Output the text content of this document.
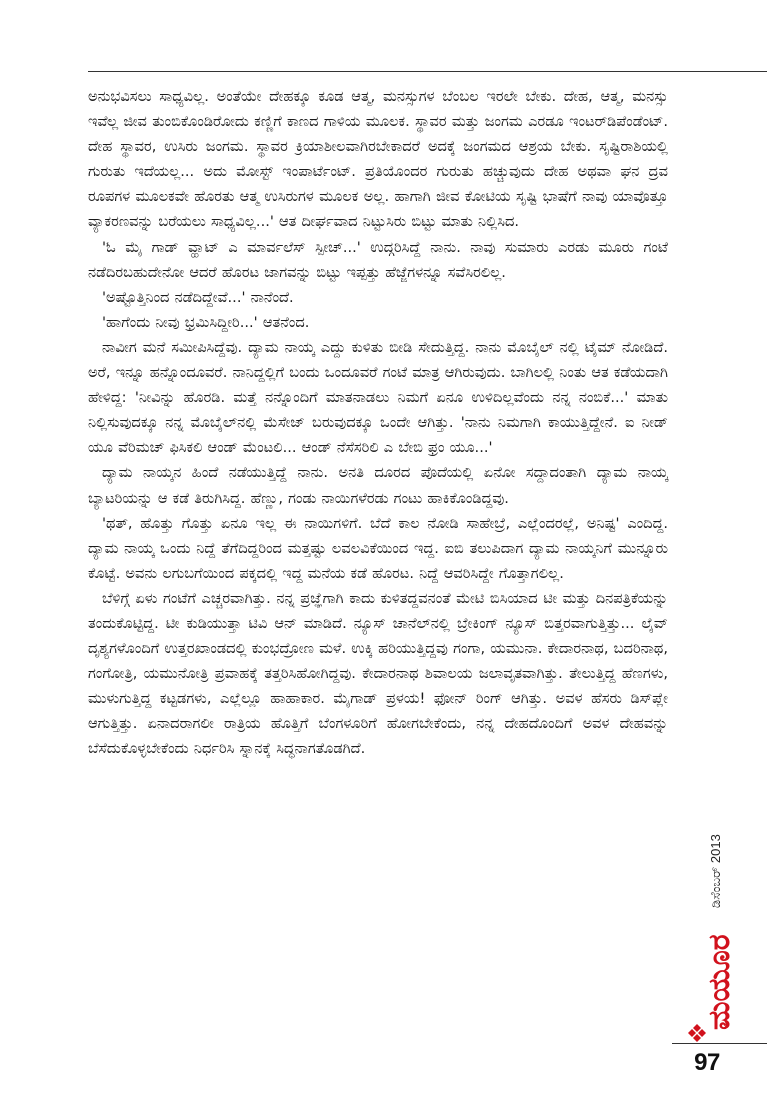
ಅನುಭವಿಸಲು ಸಾಧ್ಯವಿಲ್ಲ. ಅಂತೆಯೇ ದೇಹಕ್ಕೂ ಕೂಡ ಆತ್ಮ, ಮನಸ್ಸುಗಳ ಬೆಂಬಲ ಇರಲೇ ಬೇಕು. ದೇಹ, ಆತ್ಮ, ಮನಸ್ಸು ಇವೆಲ್ಲ ಜೀವ ತುಂಬಿಕೊಂಡಿರೋದು ಕಣ್ಣಿಗೆ ಕಾಣದ ಗಾಳಿಯ ಮೂಲಕ. ಸ್ಥಾವರ ಮತ್ತು ಜಂಗಮ ಎರಡೂ ಇಂಟರ್‌ಡಿಪೆಂಡೆಂಟ್. ದೇಹ ಸ್ಥಾವರ, ಉಸಿರು ಜಂಗಮ. ಸ್ಥಾವರ ಕ್ರಿಯಾಶೀಲವಾಗಿರಬೇಕಾದರೆ ಅದಕ್ಕೆ ಜಂಗಮದ ಆಶ್ರಯ ಬೇಕು. ಸೃಷ್ಟಿರಾಶಿಯಲ್ಲಿ ಗುರುತು ಇದೆಯಲ್ಲ... ಅದು ಮೋಸ್ಟ್ ಇಂಪಾರ್ಟೆಂಟ್. ಪ್ರತಿಯೊಂದರ ಗುರುತು ಹಚ್ಚುವುದು ದೇಹ ಅಥವಾ ಘನ ದ್ರವ ರೂಪಗಳ ಮೂಲಕವೇ ಹೊರತು ಆತ್ಮ ಉಸಿರುಗಳ ಮೂಲಕ ಅಲ್ಲ. ಹಾಗಾಗಿ ಜೀವ ಕೋಟಿಯ ಸೃಷ್ಟಿ ಭಾಷೆಗೆ ನಾವು ಯಾವೊತ್ತೂ ವ್ಯಾಕರಣವನ್ನು ಬರೆಯಲು ಸಾಧ್ಯವಿಲ್ಲ...' ಆತ ದೀರ್ಘವಾದ ನಿಟ್ಟುಸಿರು ಬಿಟ್ಟು ಮಾತು ನಿಲ್ಲಿಸಿದ.

'ಓ ಮೈ ಗಾಡ್ ವ್ಹಾಟ್ ಎ ಮಾರ್ವಲೆಸ್ ಸ್ಪೀಚ್...' ಉದ್ಗರಿಸಿದ್ದೆ ನಾನು. ನಾವು ಸುಮಾರು ಎರಡು ಮೂರು ಗಂಟೆ ನಡೆದಿರಬಹುದೇನೋ ಆದರೆ ಹೊರಟ ಜಾಗವನ್ನು ಬಿಟ್ಟು ಇಪ್ಪತ್ತು ಹೆಜ್ಜೆಗಳನ್ನೂ ಸವೆಸಿರಲಿಲ್ಲ.

'ಅಷ್ಟೊತ್ತಿನಿಂದ ನಡೆದಿದ್ದೇವೆ...' ನಾನೆಂದೆ.

'ಹಾಗೆಂದು ನೀವು ಭ್ರಮಿಸಿದ್ದೀರಿ...' ಆತನೆಂದ.

ನಾವೀಗ ಮನೆ ಸಮೀಪಿಸಿದ್ದೆವು. ದ್ಯಾಮ ನಾಯ್ಕ ಎದ್ದು ಕುಳಿತು ಬೀಡಿ ಸೇದುತ್ತಿದ್ದ. ನಾನು ಮೊಬೈಲ್ ನಲ್ಲಿ ಟೈಮ್ ನೋಡಿದೆ. ಅರೆ, ಇನ್ನೂ ಹನ್ನೊಂದೂವರೆ. ನಾನಿದ್ದಲ್ಲಿಗೆ ಬಂದು ಒಂದೂವರೆ ಗಂಟೆ ಮಾತ್ರ ಆಗಿರುವುದು. ಬಾಗಿಲಲ್ಲಿ ನಿಂತು ಆತ ಕಡೆಯದಾಗಿ ಹೇಳಿದ್ದ: 'ನೀವಿನ್ನು ಹೊರಡಿ. ಮತ್ತೆ ನನ್ನೊಂದಿಗೆ ಮಾತನಾಡಲು ನಿಮಗೆ ಏನೂ ಉಳಿದಿಲ್ಲವೆಂದು ನನ್ನ ನಂಬಿಕೆ...' ಮಾತು ನಿಲ್ಲಿಸುವುದಕ್ಕೂ ನನ್ನ ಮೊಬೈಲ್‌ನಲ್ಲಿ ಮೆಸೇಜ್ ಬರುವುದಕ್ಕೂ ಒಂದೇ ಆಗಿತ್ತು. 'ನಾನು ನಿಮಗಾಗಿ ಕಾಯುತ್ತಿದ್ದೇನೆ. ಐ ನೀಡ್ ಯೂ ವೆರಿಮಚ್ ಫಿಸಿಕಲಿ ಆಂಡ್ ಮೆಂಟಲಿ... ಆಂಡ್ ನೆಸೆಸರಿಲಿ ಎ ಬೇಬಿ ಫ್ರಂ ಯೂ...'

ದ್ಯಾಮ ನಾಯ್ಕನ ಹಿಂದೆ ನಡೆಯುತ್ತಿದ್ದೆ ನಾನು. ಅನತಿ ದೂರದ ಪೊದೆಯಲ್ಲಿ ಏನೋ ಸದ್ದಾದಂತಾಗಿ ದ್ಯಾಮ ನಾಯ್ಕ ಬ್ಯಾಟರಿಯನ್ನು ಆ ಕಡೆ ತಿರುಗಿಸಿದ್ದ. ಹೆಣ್ಣು, ಗಂಡು ನಾಯಿಗಳೆರಡು ಗಂಟು ಹಾಕಿಕೊಂಡಿದ್ದವು.

'ಥತ್, ಹೊತ್ತು ಗೊತ್ತು ಏನೂ ಇಲ್ಲ ಈ ನಾಯಿಗಳಿಗೆ. ಬೆದೆ ಕಾಲ ನೋಡಿ ಸಾಹೇಬ್ರೆ, ಎಲ್ಲೆಂದರಲ್ಲೆ, ಅನಿಷ್ಟ' ಎಂದಿದ್ದ. ದ್ಯಾಮ ನಾಯ್ಕ ಒಂದು ನಿದ್ದೆ ತೆಗೆದಿದ್ದರಿಂದ ಮತ್ತಷ್ಟು ಲವಲವಿಕೆಯಿಂದ ಇದ್ದ. ಐಬಿ ತಲುಪಿದಾಗ ದ್ಯಾಮ ನಾಯ್ಕನಿಗೆ ಮುನ್ನೂರು ಕೊಟ್ಟೆ. ಅವನು ಲಗುಬಗೆಯಿಂದ ಪಕ್ಕದಲ್ಲಿ ಇದ್ದ ಮನೆಯ ಕಡೆ ಹೊರಟ. ನಿದ್ದೆ ಆವರಿಸಿದ್ದೇ ಗೊತ್ತಾಗಲಿಲ್ಲ.

ಬೆಳಿಗ್ಗೆ ಏಳು ಗಂಟೆಗೆ ಎಚ್ಚರವಾಗಿತ್ತು. ನನ್ನ ಪ್ರಜ್ಞೆಗಾಗಿ ಕಾದು ಕುಳಿತದ್ದವನಂತೆ ಮೇಟಿ ಬಿಸಿಯಾದ ಟೀ ಮತ್ತು ದಿನಪತ್ರಿಕೆಯನ್ನು ತಂದುಕೊಟ್ಟಿದ್ದ. ಟೀ ಕುಡಿಯುತ್ತಾ ಟಿವಿ ಆನ್ ಮಾಡಿದೆ. ನ್ಯೂಸ್ ಚಾನೆಲ್‌ನಲ್ಲಿ ಬ್ರೇಕಿಂಗ್ ನ್ಯೂಸ್ ಬಿತ್ತರವಾಗುತ್ತಿತ್ತು... ಲೈವ್ ದೃಶ್ಯಗಳೊಂದಿಗೆ ಉತ್ತರಖಾಂಡದಲ್ಲಿ ಕುಂಭದ್ರೋಣ ಮಳೆ. ಉಕ್ಕಿ ಹರಿಯುತ್ತಿದ್ದವು ಗಂಗಾ, ಯಮುನಾ. ಕೇದಾರನಾಥ, ಬದರಿನಾಥ, ಗಂಗೋತ್ರಿ, ಯಮುನೋತ್ರಿ ಪ್ರವಾಹಕ್ಕೆ ತತ್ತರಿಸಿಹೋಗಿದ್ದವು. ಕೇದಾರನಾಥ ಶಿವಾಲಯ ಜಲಾವೃತವಾಗಿತ್ತು. ತೇಲುತ್ತಿದ್ದ ಹೆಣಗಳು, ಮುಳುಗುತ್ತಿದ್ದ ಕಟ್ಟಡಗಳು, ಎಲ್ಲೆಲ್ಲೂ ಹಾಹಾಕಾರ. ಮೈಗಾಡ್ ಪ್ರಳಯ! ಫೋನ್ ರಿಂಗ್ ಆಗಿತ್ತು. ಅವಳ ಹೆಸರು ಡಿಸ್‌ಪ್ಲೇ ಆಗುತ್ತಿತ್ತು. ಏನಾದರಾಗಲೀ ರಾತ್ರಿಯ ಹೊತ್ತಿಗೆ ಬೆಂಗಳೂರಿಗೆ ಹೋಗಬೇಕೆಂದು, ನನ್ನ ದೇಹದೊಂದಿಗೆ ಅವಳ ದೇಹವನ್ನು ಬೆಸೆದುಕೊಳ್ಳಬೇಕೆಂದು ನಿರ್ಧರಿಸಿ ಸ್ನಾನಕ್ಕೆ ಸಿದ್ಧನಾಗತೊಡಗಿದೆ.

ಡಿಸೆಂಬರ್ 2013
ಮಯೂರ
97
